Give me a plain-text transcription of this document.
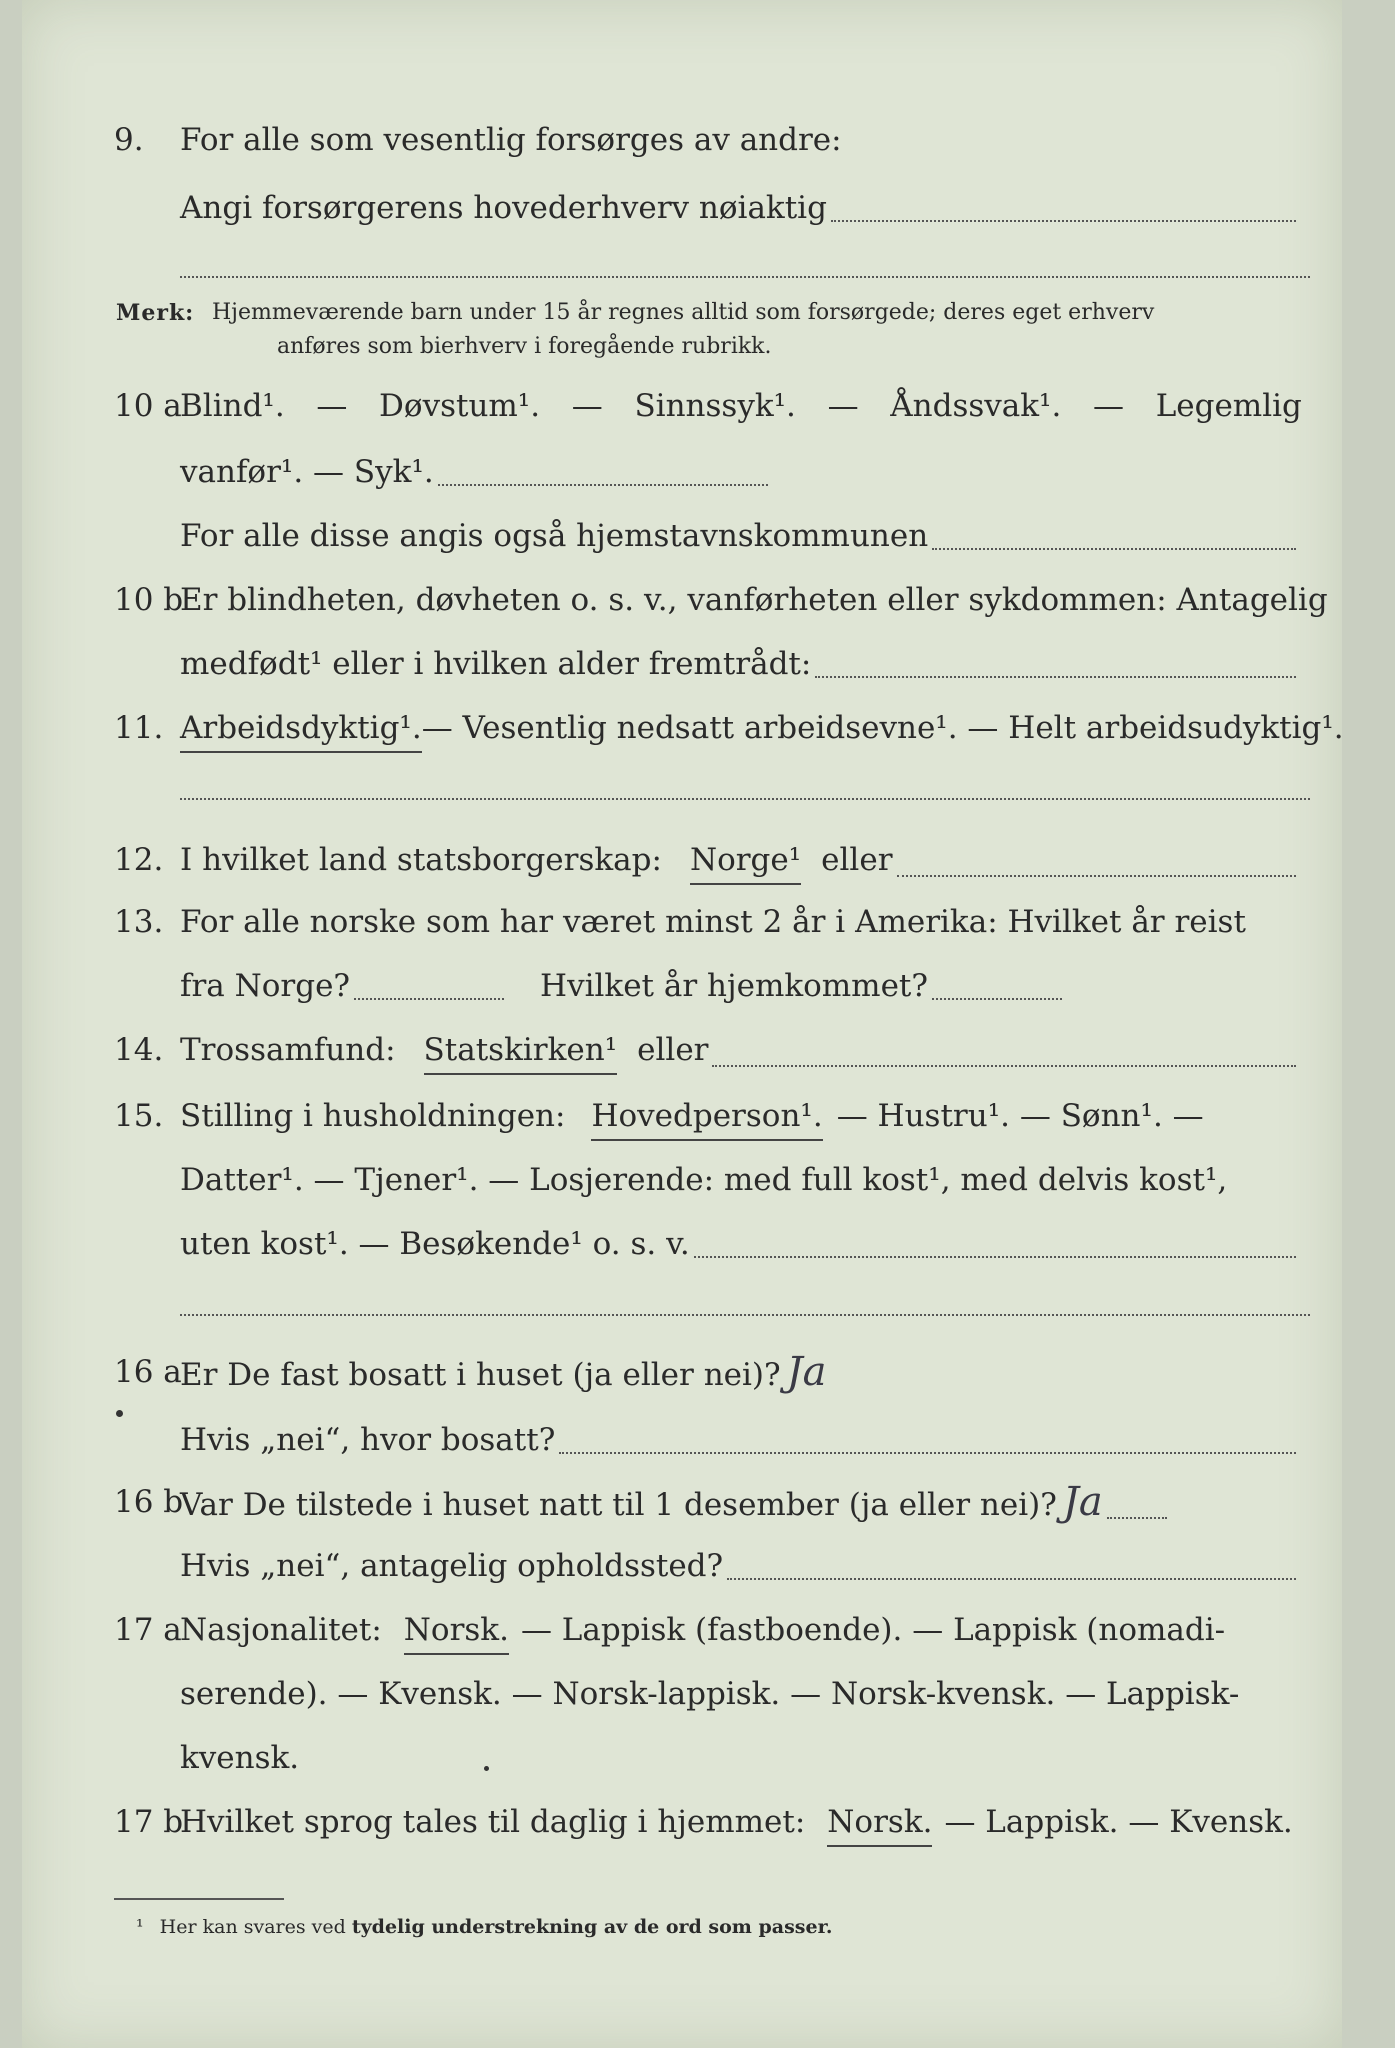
9. For alle som vesentlig forsørges av andre:
Angi forsørgerens hovederhverv nøiaktig
Merk: Hjemmeværende barn under 15 år regnes alltid som forsørgede; deres eget erhverv
anføres som bierhverv i foregående rubrikk.
10 a
Blind¹. — Døvstum¹. — Sinnssyk¹. — Åndssvak¹. — Legemlig
vanfør¹. — Syk¹.
For alle disse angis også hjemstavnskommunen
10 b
Er blindheten, døvheten o. s. v., vanførheten eller sykdommen: Antagelig
medfødt¹ eller i hvilken alder fremtrådt:
11. Arbeidsdyktig¹. — Vesentlig nedsatt arbeidsevne¹. — Helt arbeidsudyktig¹.
12. I hvilket land statsborgerskap: Norge¹ eller
13. For alle norske som har været minst 2 år i Amerika: Hvilket år reist
fra Norge?	Hvilket år hjemkommet?
14. Trossamfund: Statskirken¹ eller
15. Stilling i husholdningen: Hovedperson¹. — Hustru¹. — Sønn¹. —
Datter¹. — Tjener¹. — Losjerende: med full kost¹, med delvis kost¹,
uten kost¹. — Besøkende¹ o. s. v.
16 a
Er De fast bosatt i huset (ja eller nei)? Ja
Hvis „nei“, hvor bosatt?
16 b
Var De tilstede i huset natt til 1 desember (ja eller nei)? Ja
Hvis „nei“, antagelig opholdssted?
17 a
Nasjonalitet: Norsk. — Lappisk (fastboende). — Lappisk (nomadi-
serende). — Kvensk. — Norsk-lappisk. — Norsk-kvensk. — Lappisk-
kvensk.
17 b
Hvilket sprog tales til daglig i hjemmet: Norsk. — Lappisk. — Kvensk.
¹ Her kan svares ved tydelig understrekning av de ord som passer.
